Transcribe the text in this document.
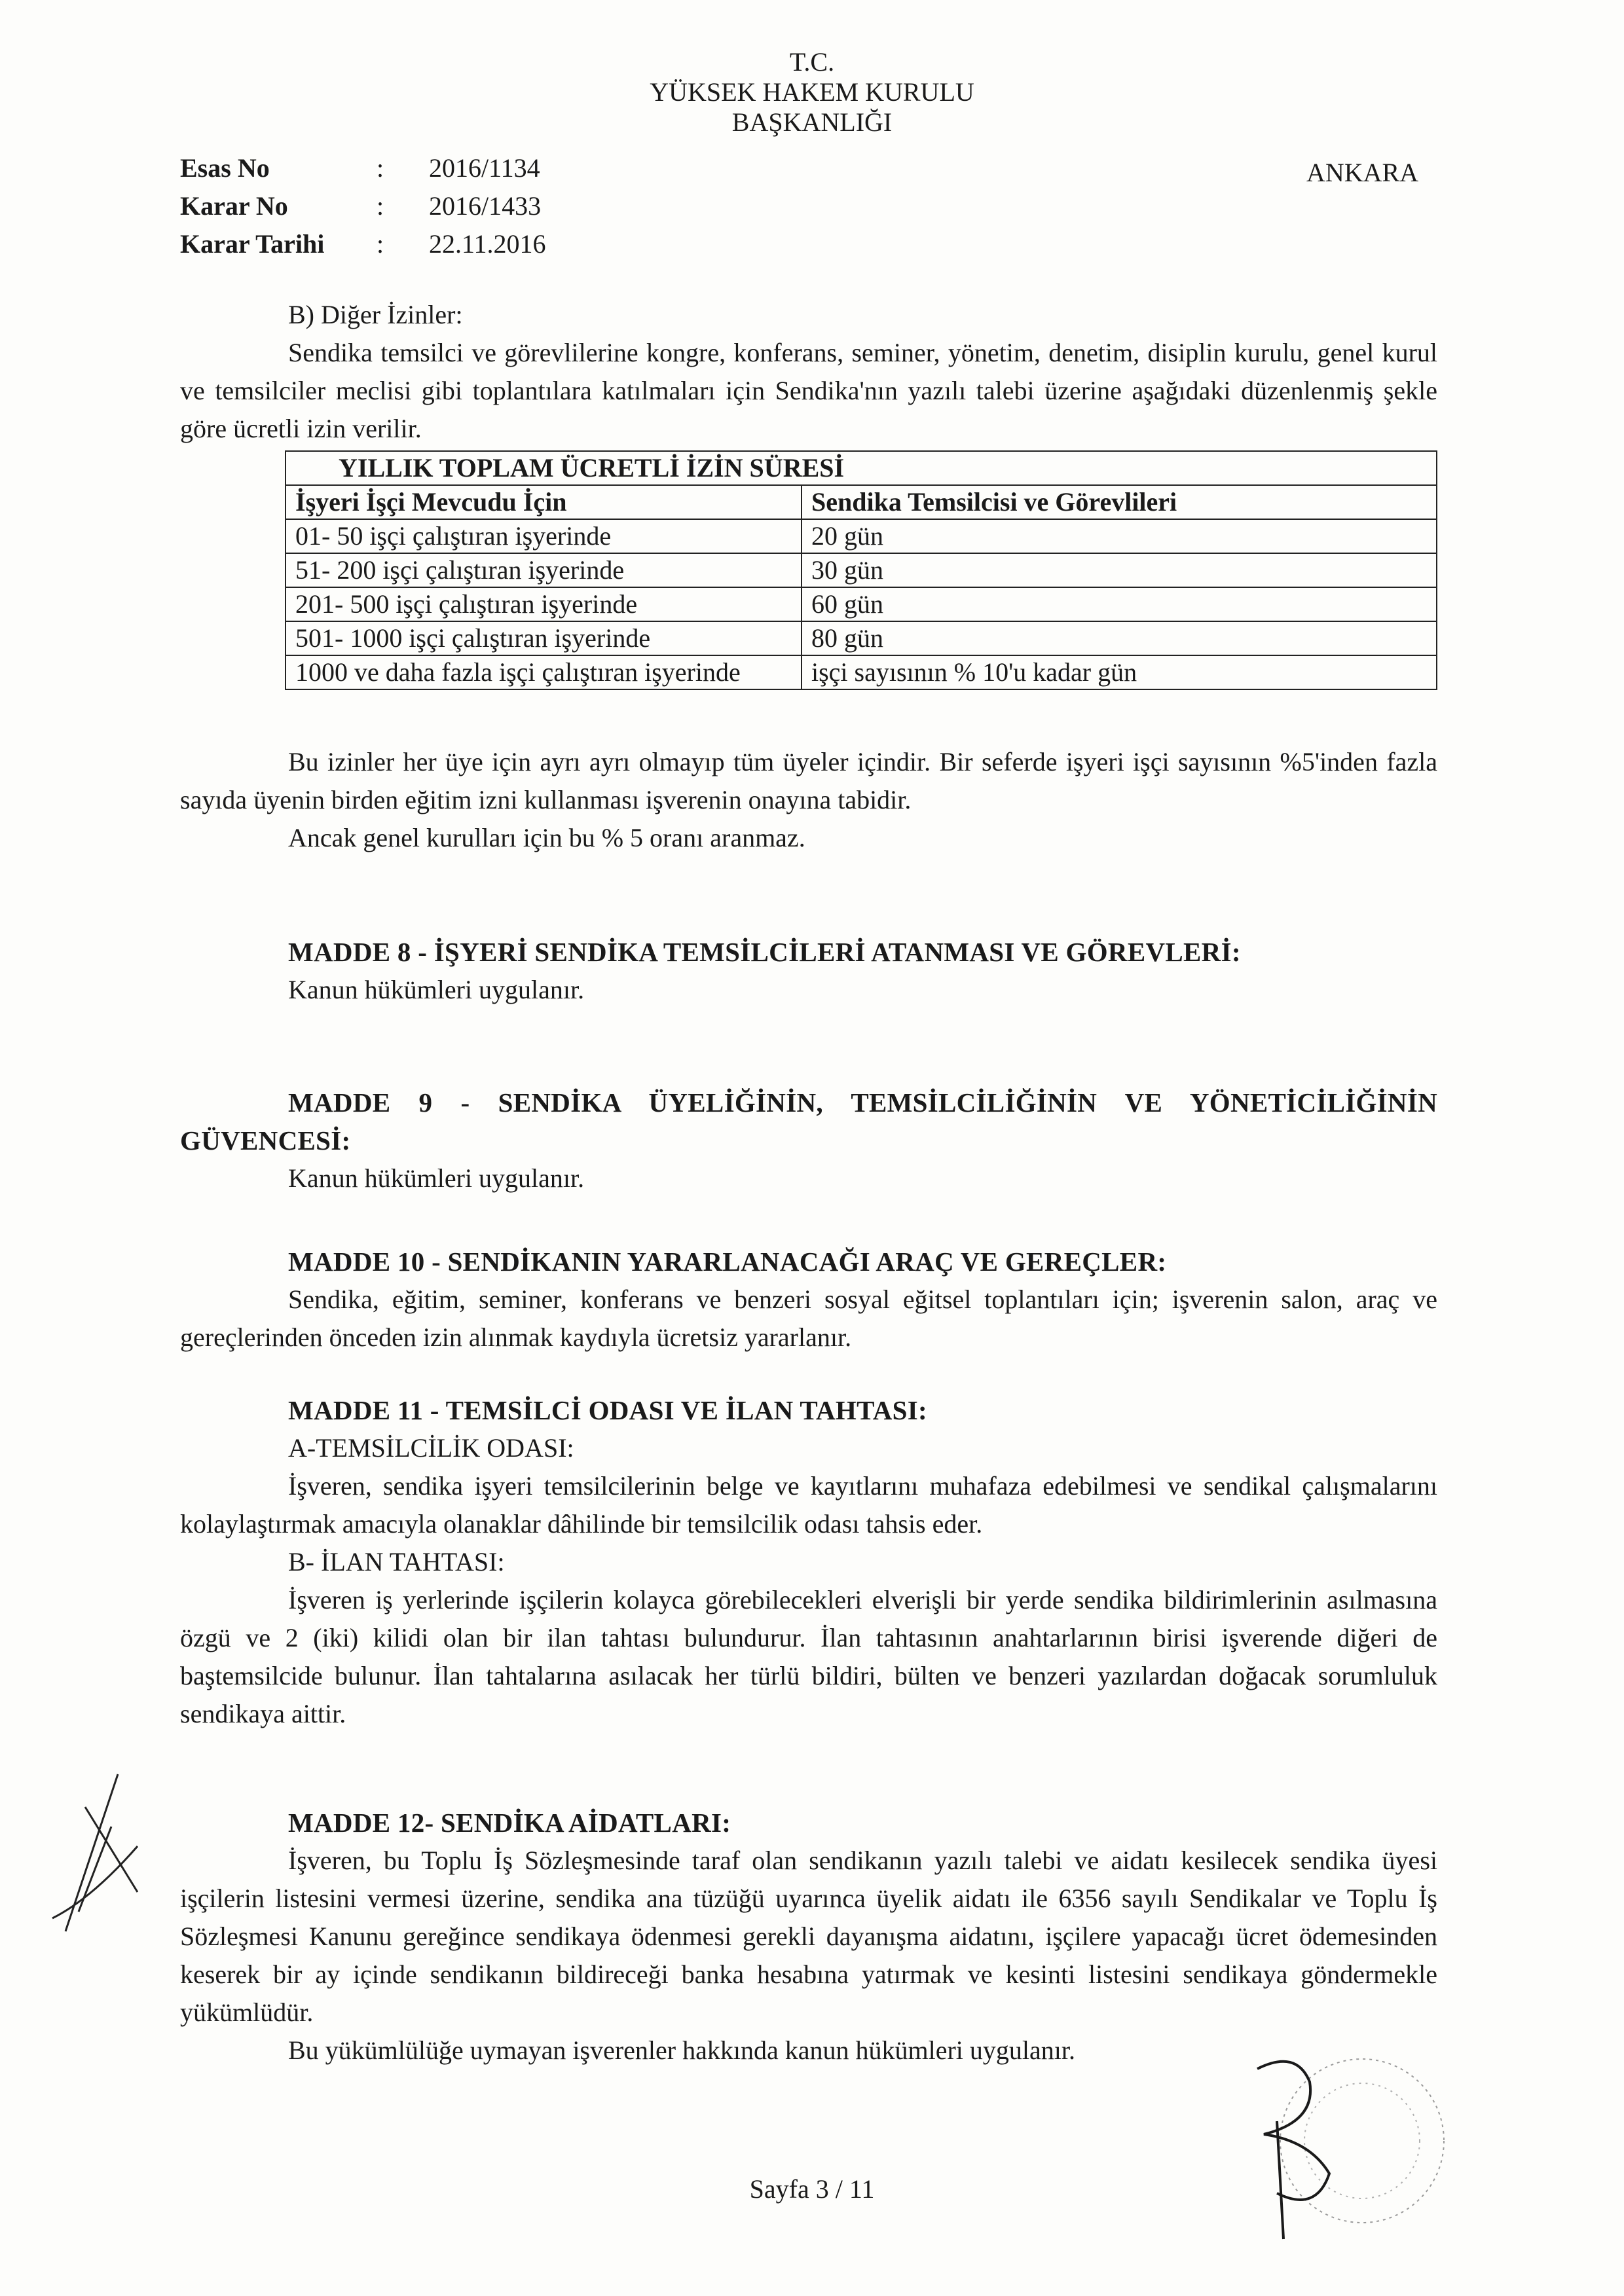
T.C.
YÜKSEK HAKEM KURULU
BAŞKANLIĞI
Esas No	:	2016/1134
Karar No	:	2016/1433
Karar Tarihi	:	22.11.2016
ANKARA
B) Diğer İzinler:
Sendika temsilci ve görevlilerine kongre, konferans, seminer, yönetim, denetim, disiplin kurulu, genel kurul ve temsilciler meclisi gibi toplantılara katılmaları için Sendika'nın yazılı talebi üzerine aşağıdaki düzenlenmiş şekle göre ücretli izin verilir.
YILLIK TOPLAM ÜCRETLİ İZİN SÜRESİ	
İşyeri İşçi Mevcudu İçin	Sendika Temsilcisi ve Görevlileri
01- 50 işçi çalıştıran işyerinde	20 gün
51- 200 işçi çalıştıran işyerinde	30 gün
201- 500 işçi çalıştıran işyerinde	60 gün
501- 1000 işçi çalıştıran işyerinde	80 gün
1000 ve daha fazla işçi çalıştıran işyerinde	işçi sayısının % 10'u kadar gün
Bu izinler her üye için ayrı ayrı olmayıp tüm üyeler içindir. Bir seferde işyeri işçi sayısının %5'inden fazla sayıda üyenin birden eğitim izni kullanması işverenin onayına tabidir.
Ancak genel kurulları için bu % 5 oranı aranmaz.
MADDE 8 - İŞYERİ SENDİKA TEMSİLCİLERİ ATANMASI VE GÖREVLERİ:
Kanun hükümleri uygulanır.
MADDE 9 - SENDİKA ÜYELİĞİNİN, TEMSİLCİLİĞİNİN VE YÖNETİCİLİĞİNİN GÜVENCESİ:
Kanun hükümleri uygulanır.
MADDE 10 - SENDİKANIN YARARLANACAĞI ARAÇ VE GEREÇLER:
Sendika, eğitim, seminer, konferans ve benzeri sosyal eğitsel toplantıları için; işverenin salon, araç ve gereçlerinden önceden izin alınmak kaydıyla ücretsiz yararlanır.
MADDE 11 - TEMSİLCİ ODASI VE İLAN TAHTASI:
A-TEMSİLCİLİK ODASI:
İşveren, sendika işyeri temsilcilerinin belge ve kayıtlarını muhafaza edebilmesi ve sendikal çalışmalarını kolaylaştırmak amacıyla olanaklar dâhilinde bir temsilcilik odası tahsis eder.
B- İLAN TAHTASI:
İşveren iş yerlerinde işçilerin kolayca görebilecekleri elverişli bir yerde sendika bildirimlerinin asılmasına özgü ve 2 (iki) kilidi olan bir ilan tahtası bulundurur. İlan tahtasının anahtarlarının birisi işverende diğeri de baştemsilcide bulunur. İlan tahtalarına asılacak her türlü bildiri, bülten ve benzeri yazılardan doğacak sorumluluk sendikaya aittir.
MADDE 12- SENDİKA AİDATLARI:
İşveren, bu Toplu İş Sözleşmesinde taraf olan sendikanın yazılı talebi ve aidatı kesilecek sendika üyesi işçilerin listesini vermesi üzerine, sendika ana tüzüğü uyarınca üyelik aidatı ile 6356 sayılı Sendikalar ve Toplu İş Sözleşmesi Kanunu gereğince sendikaya ödenmesi gerekli dayanışma aidatını, işçilere yapacağı ücret ödemesinden keserek bir ay içinde sendikanın bildireceği banka hesabına yatırmak ve kesinti listesini sendikaya göndermekle yükümlüdür.
Bu yükümlülüğe uymayan işverenler hakkında kanun hükümleri uygulanır.
Sayfa 3 / 11
